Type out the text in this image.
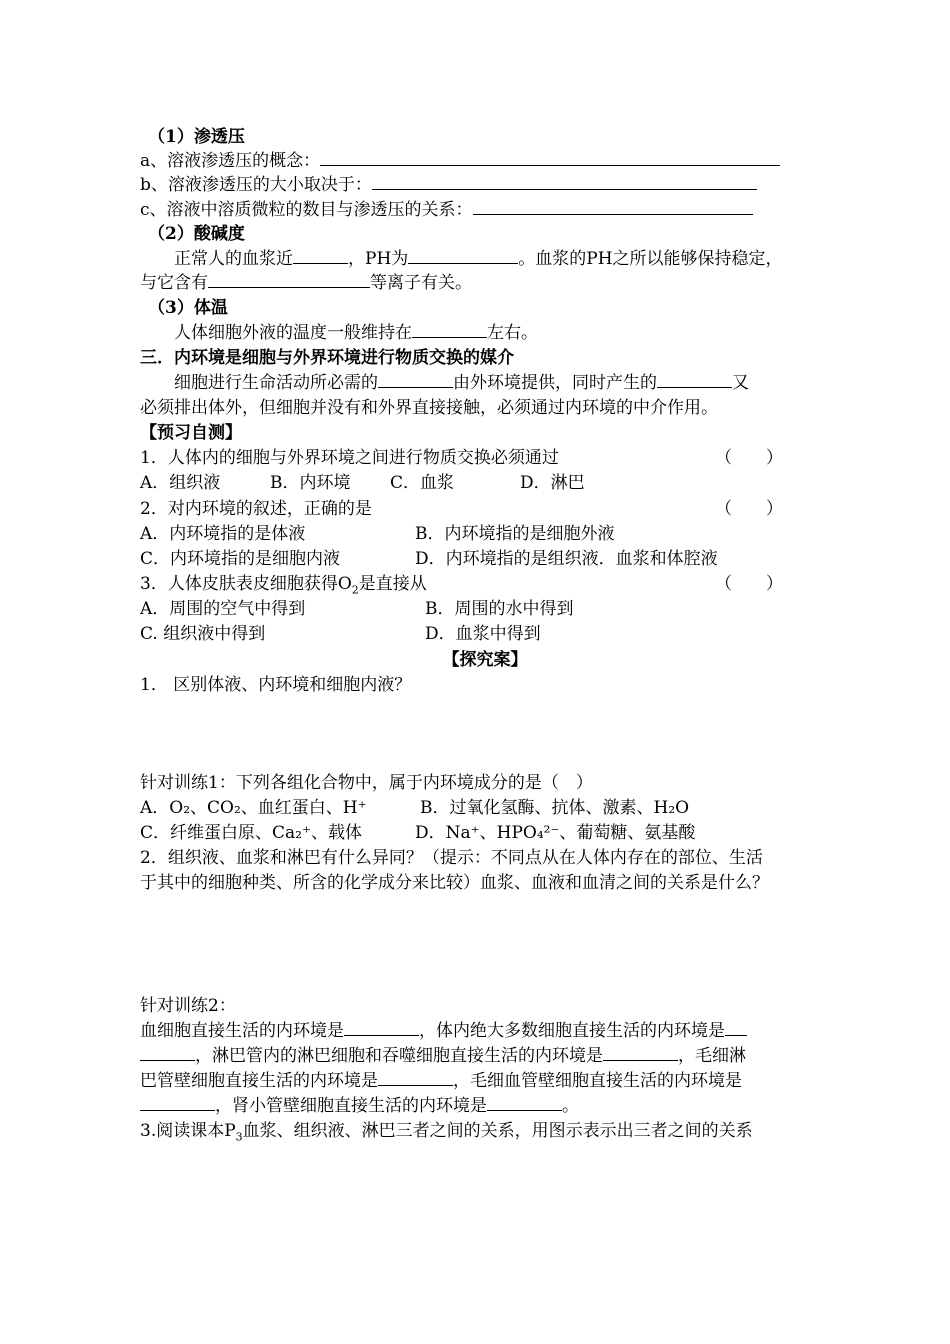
（1）渗透压
a、溶液渗透压的概念：
b、溶液渗透压的大小取决于：
c、溶液中溶质微粒的数目与渗透压的关系：
（2）酸碱度
正常人的血浆近	，PH为	。血浆的PH之所以能够保持稳定，
与它含有	等离子有关。
（3）体温
人体细胞外液的温度一般维持在	左右。
三．内环境是细胞与外界环境进行物质交换的媒介
细胞进行生命活动所必需的	由外环境提供，同时产生的	又
必须排出体外，但细胞并没有和外界直接接触，必须通过内环境的中介作用。
【预习自测】
1．人体内的细胞与外界环境之间进行物质交换必须通过	（　　）
A．组织液	B．内环境 C．血浆	D．淋巴
2．对内环境的叙述，正确的是	（　　）
A．内环境指的是体液	B．内环境指的是细胞外液
C．内环境指的是细胞内液	D．内环境指的是组织液．血浆和体腔液
3．人体皮肤表皮细胞获得$O_2$是直接从	（　　）
A．周围的空气中得到	B．周围的水中得到
C. 组织液中得到	D．血浆中得到
【探究案】
1． 区别体液、内环境和细胞内液？
针对训练1：下列各组化合物中，属于内环境成分的是（　）
A．O₂、CO₂、血红蛋白、H⁺	B．过氧化氢酶、抗体、激素、H₂O
C．纤维蛋白原、Ca₂⁺、载体	D．Na⁺、HPO₄²⁻、葡萄糖、氨基酸
2．组织液、血浆和淋巴有什么异同？（提示：不同点从在人体内存在的部位、生活
于其中的细胞种类、所含的化学成分来比较）血浆、血液和血清之间的关系是什么？
针对训练2：
血细胞直接生活的内环境是	，体内绝大多数细胞直接生活的内环境是
，淋巴管内的淋巴细胞和吞噬细胞直接生活的内环境是	，毛细淋
巴管壁细胞直接生活的内环境是	，毛细血管壁细胞直接生活的内环境是
，肾小管壁细胞直接生活的内环境是	。
3.阅读课本$P_3$血浆、组织液、淋巴三者之间的关系，用图示表示出三者之间的关系
